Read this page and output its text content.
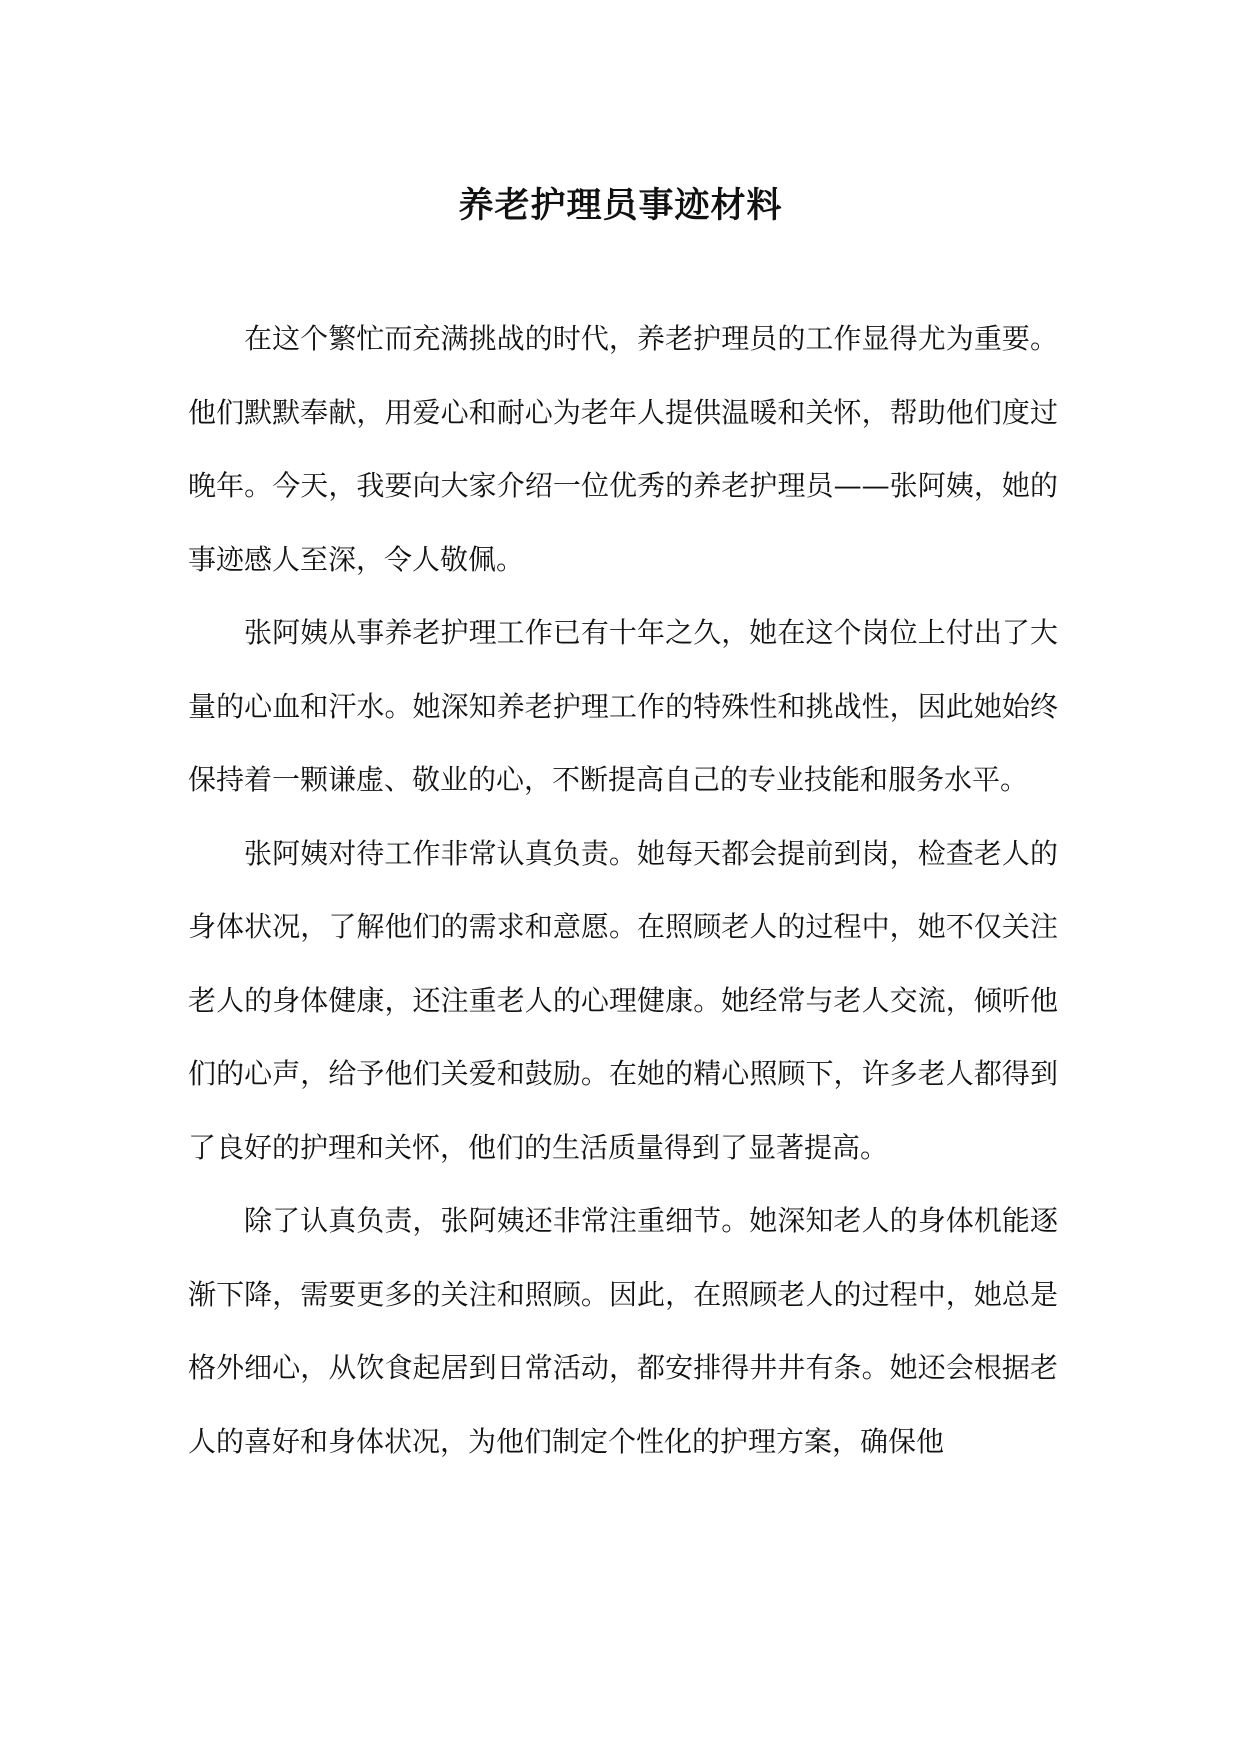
养老护理员事迹材料

在这个繁忙而充满挑战的时代，养老护理员的工作显得尤为重要。他们默默奉献，用爱心和耐心为老年人提供温暖和关怀，帮助他们度过晚年。今天，我要向大家介绍一位优秀的养老护理员——张阿姨，她的事迹感人至深，令人敬佩。

张阿姨从事养老护理工作已有十年之久，她在这个岗位上付出了大量的心血和汗水。她深知养老护理工作的特殊性和挑战性，因此她始终保持着一颗谦虚、敬业的心，不断提高自己的专业技能和服务水平。

张阿姨对待工作非常认真负责。她每天都会提前到岗，检查老人的身体状况，了解他们的需求和意愿。在照顾老人的过程中，她不仅关注老人的身体健康，还注重老人的心理健康。她经常与老人交流，倾听他们的心声，给予他们关爱和鼓励。在她的精心照顾下，许多老人都得到了良好的护理和关怀，他们的生活质量得到了显著提高。

除了认真负责，张阿姨还非常注重细节。她深知老人的身体机能逐渐下降，需要更多的关注和照顾。因此，在照顾老人的过程中，她总是格外细心，从饮食起居到日常活动，都安排得井井有条。她还会根据老人的喜好和身体状况，为他们制定个性化的护理方案，确保他
